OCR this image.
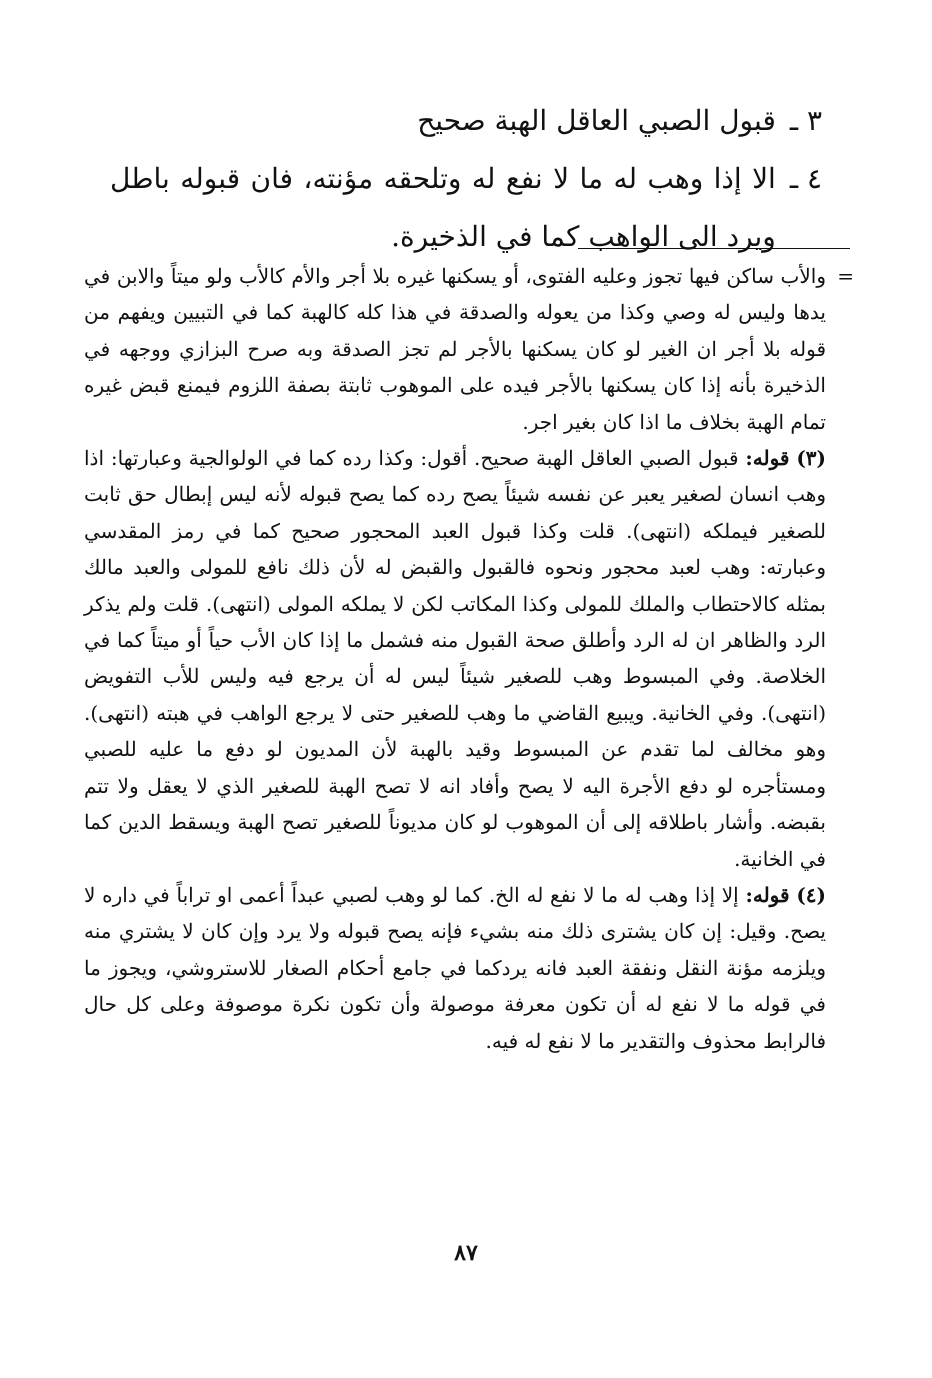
٣ ـ
قبول الصبي العاقل الهبة صحيح
٤ ـ
الا إذا وهب له ما لا نفع له وتلحقه مؤنته، فان قبوله باطل ويرد الى الواهب كما في الذخيرة.
=

والأب ساكن فيها تجوز وعليه الفتوى، أو يسكنها غيره بلا أجر والأم كالأب ولو ميتاً والابن في يدها وليس له وصي وكذا من يعوله والصدقة في هذا كله كالهبة كما في التبيين ويفهم من قوله بلا أجر ان الغير لو كان يسكنها بالأجر لم تجز الصدقة وبه صرح البزازي ووجهه في الذخيرة بأنه إذا كان يسكنها بالأجر فيده على الموهوب ثابتة بصفة اللزوم فيمنع قبض غيره تمام الهبة بخلاف ما اذا كان بغير اجر.

(٣) قوله: قبول الصبي العاقل الهبة صحيح. أقول: وكذا رده كما في الولوالجية وعبارتها: اذا وهب انسان لصغير يعبر عن نفسه شيئاً يصح رده كما يصح قبوله لأنه ليس إبطال حق ثابت للصغير فيملكه (انتهى). قلت وكذا قبول العبد المحجور صحيح كما في رمز المقدسي وعبارته: وهب لعبد محجور ونحوه فالقبول والقبض له لأن ذلك نافع للمولى والعبد مالك بمثله كالاحتطاب والملك للمولى وكذا المكاتب لكن لا يملكه المولى (انتهى). قلت ولم يذكر الرد والظاهر ان له الرد وأطلق صحة القبول منه فشمل ما إذا كان الأب حياً أو ميتاً كما في الخلاصة. وفي المبسوط وهب للصغير شيئاً ليس له أن يرجع فيه وليس للأب التفويض (انتهى). وفي الخانية. ويبيع القاضي ما وهب للصغير حتى لا يرجع الواهب في هبته (انتهى). وهو مخالف لما تقدم عن المبسوط وقيد بالهبة لأن المديون لو دفع ما عليه للصبي ومستأجره لو دفع الأجرة اليه لا يصح وأفاد انه لا تصح الهبة للصغير الذي لا يعقل ولا تتم بقبضه. وأشار باطلاقه إلى أن الموهوب لو كان مديوناً للصغير تصح الهبة ويسقط الدين كما في الخانية.

(٤) قوله: إلا إذا وهب له ما لا نفع له الخ. كما لو وهب لصبي عبداً أعمى او تراباً في داره لا يصح. وقيل: إن كان يشترى ذلك منه بشيء فإنه يصح قبوله ولا يرد وإن كان لا يشتري منه ويلزمه مؤنة النقل ونفقة العبد فانه يردكما في جامع أحكام الصغار للاستروشي، ويجوز ما في قوله ما لا نفع له أن تكون معرفة موصولة وأن تكون نكرة موصوفة وعلى كل حال فالرابط محذوف والتقدير ما لا نفع له فيه.

٨٧
